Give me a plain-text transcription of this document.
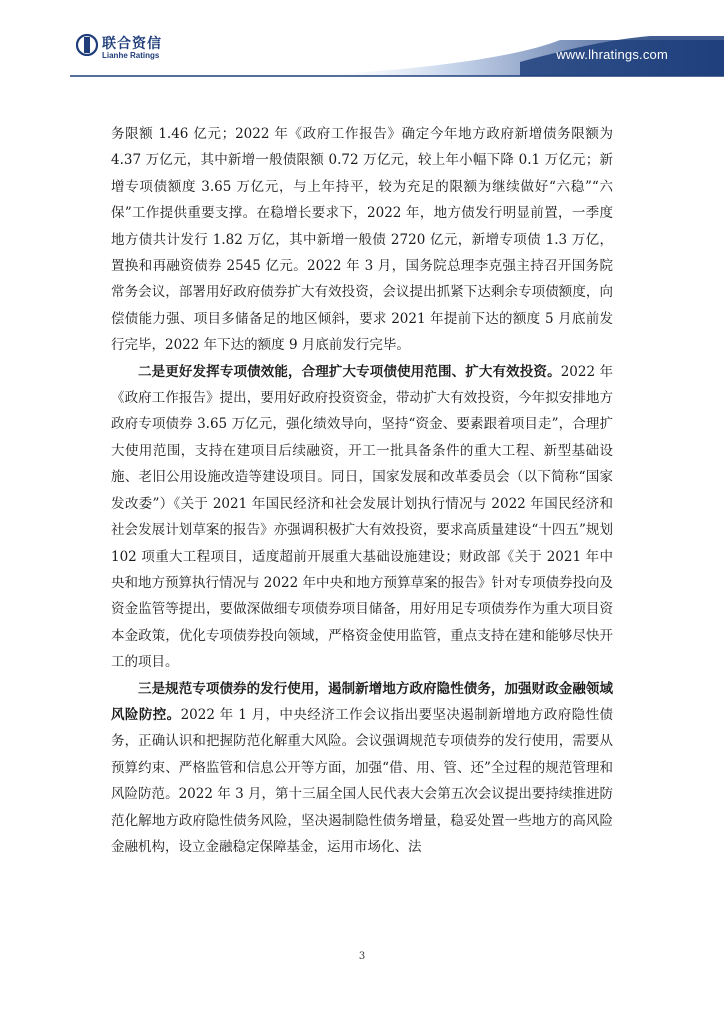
联合资信
Lianhe Ratings	www.lhratings.com

务限额 1.46 亿元；2022 年《政府工作报告》确定今年地方政府新增债务限额为 4.37 万亿元，其中新增一般债限额 0.72 万亿元，较上年小幅下降 0.1 万亿元；新增专项债额度 3.65 万亿元，与上年持平，较为充足的限额为继续做好“六稳”“六保”工作提供重要支撑。在稳增长要求下，2022 年，地方债发行明显前置，一季度地方债共计发行 1.82 万亿，其中新增一般债 2720 亿元，新增专项债 1.3 万亿，置换和再融资债券 2545 亿元。2022 年 3 月，国务院总理李克强主持召开国务院常务会议，部署用好政府债券扩大有效投资，会议提出抓紧下达剩余专项债额度，向偿债能力强、项目多储备足的地区倾斜，要求 2021 年提前下达的额度 5 月底前发行完毕，2022 年下达的额度 9 月底前发行完毕。

二是更好发挥专项债效能，合理扩大专项债使用范围、扩大有效投资。2022 年《政府工作报告》提出，要用好政府投资资金，带动扩大有效投资，今年拟安排地方政府专项债券 3.65 万亿元，强化绩效导向，坚持“资金、要素跟着项目走”，合理扩大使用范围，支持在建项目后续融资，开工一批具备条件的重大工程、新型基础设施、老旧公用设施改造等建设项目。同日，国家发展和改革委员会（以下简称“国家发改委”）《关于 2021 年国民经济和社会发展计划执行情况与 2022 年国民经济和社会发展计划草案的报告》亦强调积极扩大有效投资，要求高质量建设“十四五”规划 102 项重大工程项目，适度超前开展重大基础设施建设；财政部《关于 2021 年中央和地方预算执行情况与 2022 年中央和地方预算草案的报告》针对专项债券投向及资金监管等提出，要做深做细专项债券项目储备，用好用足专项债券作为重大项目资本金政策，优化专项债券投向领域，严格资金使用监管，重点支持在建和能够尽快开工的项目。

三是规范专项债券的发行使用，遏制新增地方政府隐性债务，加强财政金融领域风险防控。2022 年 1 月，中央经济工作会议指出要坚决遏制新增地方政府隐性债务，正确认识和把握防范化解重大风险。会议强调规范专项债券的发行使用，需要从预算约束、严格监管和信息公开等方面，加强“借、用、管、还”全过程的规范管理和风险防范。2022 年 3 月，第十三届全国人民代表大会第五次会议提出要持续推进防范化解地方政府隐性债务风险，坚决遏制隐性债务增量，稳妥处置一些地方的高风险金融机构，设立金融稳定保障基金，运用市场化、法

3
